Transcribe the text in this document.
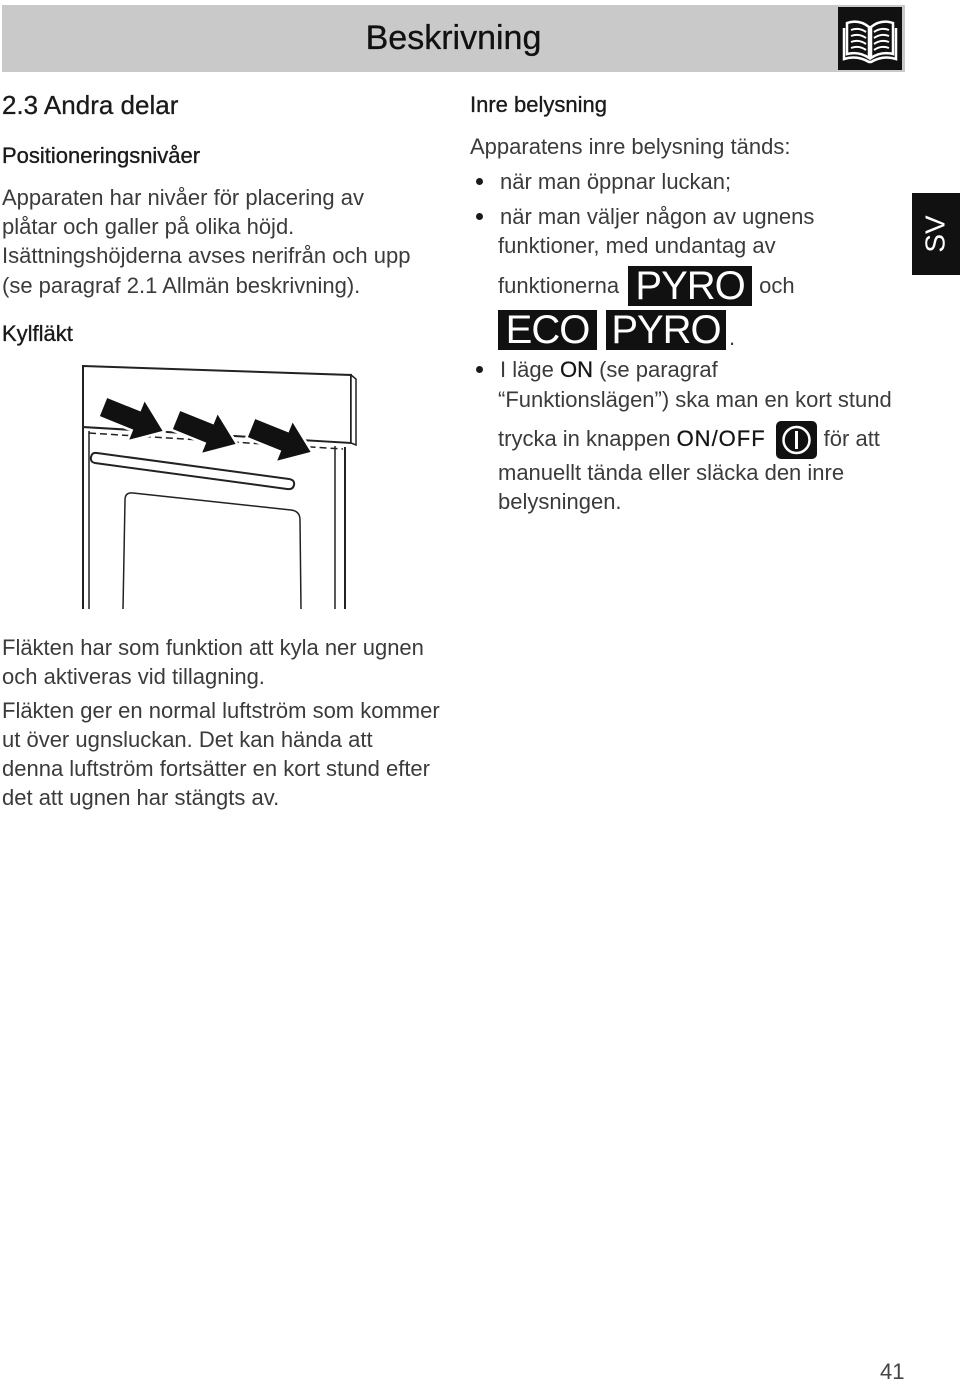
Beskrivning
SV
2.3 Andra delar
Positioneringsnivåer
Apparaten har nivåer för placering av
plåtar och galler på olika höjd.
Isättningshöjderna avses nerifrån och upp
(se paragraf 2.1 Allmän beskrivning).
Kylfläkt
Fläkten har som funktion att kyla ner ugnen
och aktiveras vid tillagning.
Fläkten ger en normal luftström som kommer
ut över ugnsluckan. Det kan hända att
denna luftström fortsätter en kort stund efter
det att ugnen har stängts av.
Inre belysning
Apparatens inre belysning tänds:
när man öppnar luckan;
när man väljer någon av ugnens
funktioner, med undantag av
funktionerna PYRO och
ECO PYRO .
I läge ON (se paragraf
“Funktionslägen”) ska man en kort stund
trycka in knappen ON/OFF	för att
manuellt tända eller släcka den inre
belysningen.
41
